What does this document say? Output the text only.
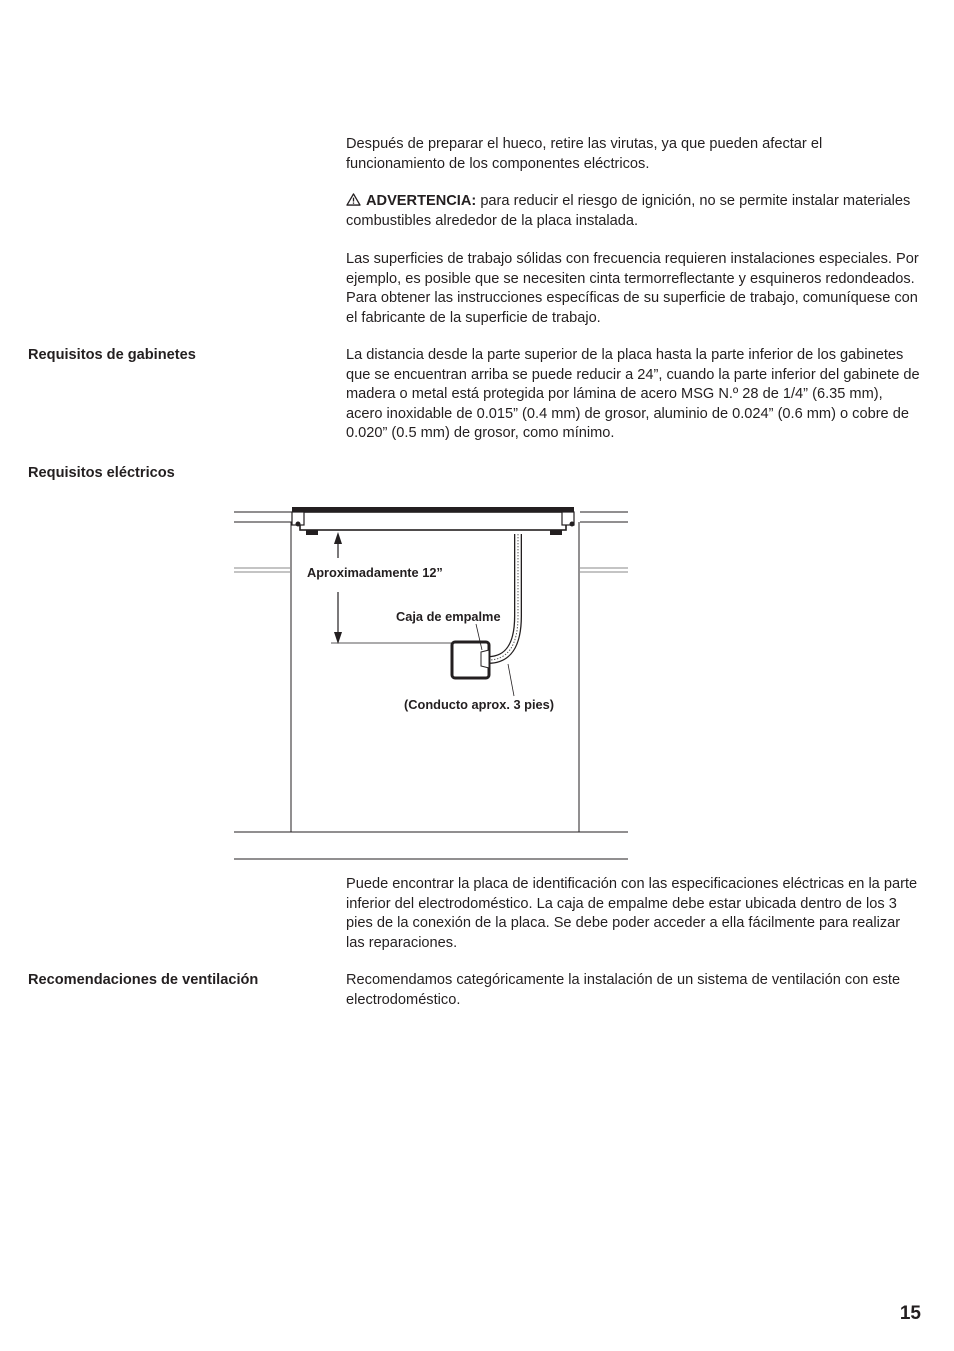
Después de preparar el hueco, retire las virutas, ya que pueden afectar el funcionamiento de los componentes eléctricos.

ADVERTENCIA: para reducir el riesgo de ignición, no se permite instalar materiales combustibles alrededor de la placa instalada.

Las superficies de trabajo sólidas con frecuencia requieren instalaciones especiales. Por ejemplo, es posible que se necesiten cinta termorreflectante y esquineros redondeados. Para obtener las instrucciones específicas de su superficie de trabajo, comuníquese con el fabricante de la superficie de trabajo.

Requisitos de gabinetes	La distancia desde la parte superior de la placa hasta la parte inferior de los gabinetes que se encuentran arriba se puede reducir a 24”, cuando la parte inferior del gabinete de madera o metal está protegida por lámina de acero MSG N.º 28 de 1/4” (6.35 mm), acero inoxidable de 0.015” (0.4 mm) de grosor, aluminio de 0.024” (0.6 mm) o cobre de 0.020” (0.5 mm) de grosor, como mínimo.

Requisitos eléctricos
Aproximadamente 12”
Caja de empalme
(Conducto aprox. 3 pies)

Puede encontrar la placa de identificación con las especificaciones eléctricas en la parte inferior del electrodoméstico. La caja de empalme debe estar ubicada dentro de los 3 pies de la conexión de la placa. Se debe poder acceder a ella fácilmente para realizar las reparaciones.

Recomendaciones de ventilación	Recomendamos categóricamente la instalación de un sistema de ventilación con este electrodoméstico.

15
